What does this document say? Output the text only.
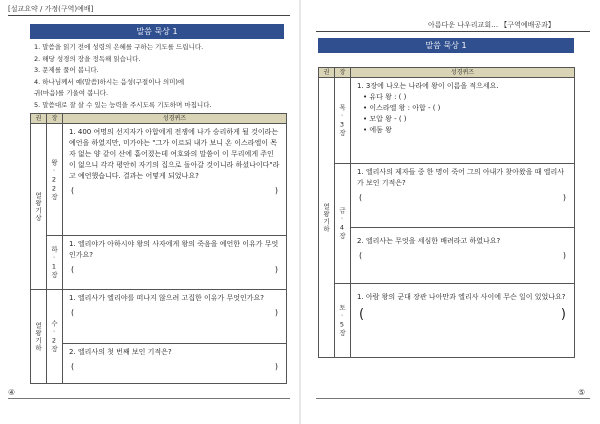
[설교요약 / 가정(구역)예배]
말씀 묵상 1
1. 말씀을 읽기 전에 성령의 은혜를 구하는 기도를 드립니다.
2. 해당 성경의 장을 정독해 읽습니다.
3. 문제를 풀어 봅니다.
4. 하나님께서 예(말씀)하시는 음성(구절이나 의미)에
귀(마음)를 기울여 봅니다.
5. 말씀대로 잘 살 수 있는 능력을 주시도록 기도하며 마칩니다.
권	장	성경퀴즈

열왕기상	왕·22장	1. 400 여명의 선지자가 아합에게 전쟁에 나가 승리하게 될 것이라는 예언을 하였지만, 미가야는 "그가 이르되 내가 보니 온 이스라엘이 목자 없는 양 같이 산에 흩어졌는데 여호와의 말씀이 이 무리에게 주인이 없으니 각각 평안히 자기의 집으로 돌아갈 것이니라 하셨나이다"라고 예언했습니다. 결과는 어떻게 되었나요?
( )

	하·1장	1. 엘리야가 아하시야 왕의 사자에게 왕의 죽음을 예언한 이유가 무엇인가요?
( )

열왕기하	수·2장	1. 엘리사가 엘리야를 떠나지 않으려 고집한 이유가 무엇인가요?
( )

		2. 엘리사의 첫 번째 보인 기적은?
( )
④
아름다운 나우리교회… 【구역예배공과】
말씀 묵상 1
권	장	성경퀴즈

열왕기하	목·3장	1. 3장에 나오는 나라에 왕이 이름을 적으세요.
• 유다 왕 : ( )
• 이스라엘 왕 : 아합 - ( )
• 모압 왕 - ( )
• 에돔 왕

	금·4장	1. 엘리사의 제자들 중 한 명이 죽어 그의 아내가 찾아왔을 때 엘리사가 보인 기적은?
( )

		2. 엘리사는 무엇을 세심한 배려라고 하였나요?
( )

	토·5장	1. 아람 왕의 군대 장관 나아만과 엘리사 사이에 무슨 일이 있었나요?
( )
⑤
